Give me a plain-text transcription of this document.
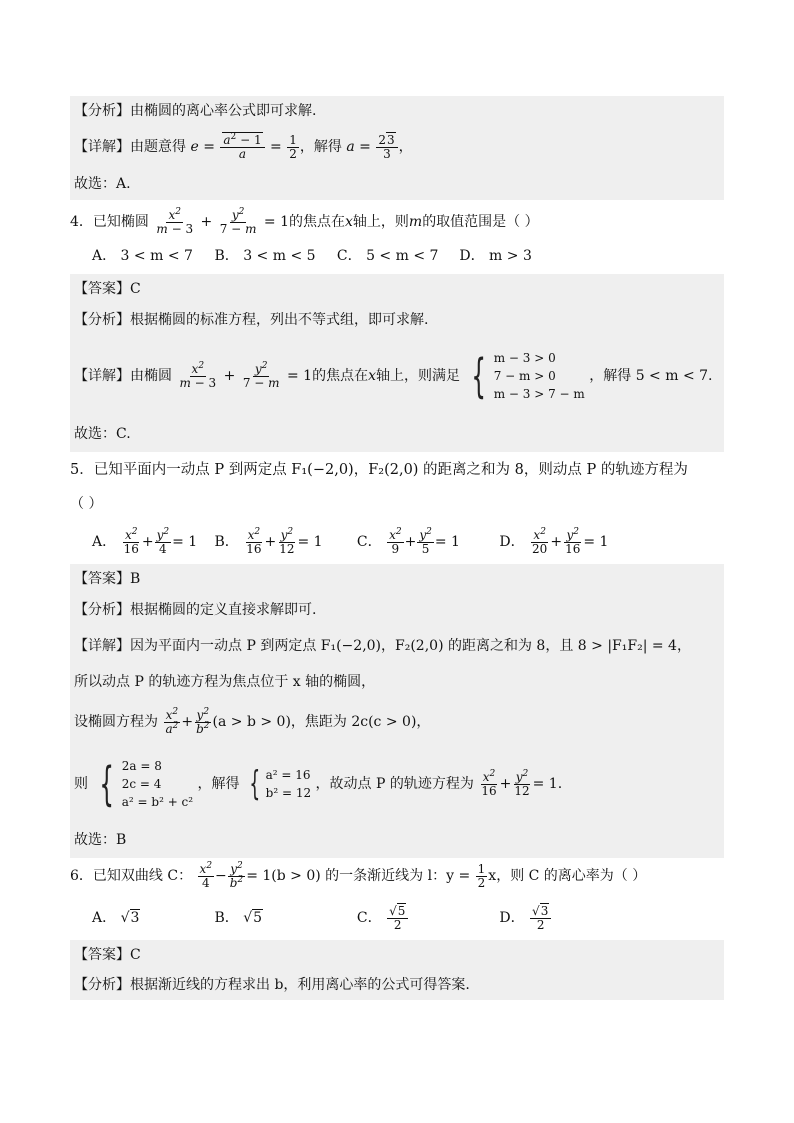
【分析】由椭圆的离心率公式即可求解.
【详解】由题意得 $e = \frac{a^2 - 1}{a} = \frac{1}{2}$ ，解得 $a = \frac{23}{3}$ ，
故选：A.
4．已知椭圆 $\frac{x^2}{m - 3} + \frac{y^2}{7 - m} = 1$的焦点在x轴上，则m的取值范围是（ ）
A． 3 < m < 7 B． 3 < m < 5 C． 5 < m < 7 D． m > 3
【答案】C
【分析】根据椭圆的标准方程，列出不等式组，即可求解.
【详解】由椭圆 $\frac{x^2}{m - 3} + \frac{y^2}{7 - m} = 1$的焦点在x轴上，则满足 { m − 3 > 0
7 − m > 0
m − 3 > 7 − m
，解得 5 < m < 7.
故选：C.
5．已知平面内一动点 P 到两定点 F₁(−2,0)，F₂(2,0) 的距离之和为 8，则动点 P 的轨迹方程为
（ ）
A． $\frac{x^2}{16} + \frac{y^2}{4} = 1$ B． $\frac{x^2}{16} + \frac{y^2}{12} = 1$ C． $\frac{x^2}{9} + \frac{y^2}{5} = 1$	D． $\frac{x^2}{20} + \frac{y^2}{16} = 1$
【答案】B
【分析】根据椭圆的定义直接求解即可.
【详解】因为平面内一动点 P 到两定点 F₁(−2,0)，F₂(2,0) 的距离之和为 8，且 8 > |F₁F₂| = 4，
所以动点 P 的轨迹方程为焦点位于 x 轴的椭圆，
设椭圆方程为 $\frac{x^2}{a^2} + \frac{y^2}{b^2} (a > b > 0)$，焦距为 2c(c > 0)，
则 { 2a = 8
2c = 4
a² = b² + c²
，解得 { a² = 16
b² = 12
，故动点 P 的轨迹方程为 $\frac{x^2}{16} + \frac{y^2}{12} = 1$.
故选：B
6．已知双曲线 C： $\frac{x^2}{4} - \frac{y^2}{b^2} = 1(b > 0)$ 的一条渐近线为 l：$y = \frac{1}{2}$ x，则 C 的离心率为（ ）
A． √3	B． √5	C． $\frac{√5}{2}$	D． $\frac{√3}{2}$
【答案】C
【分析】根据渐近线的方程求出 b，利用离心率的公式可得答案.
